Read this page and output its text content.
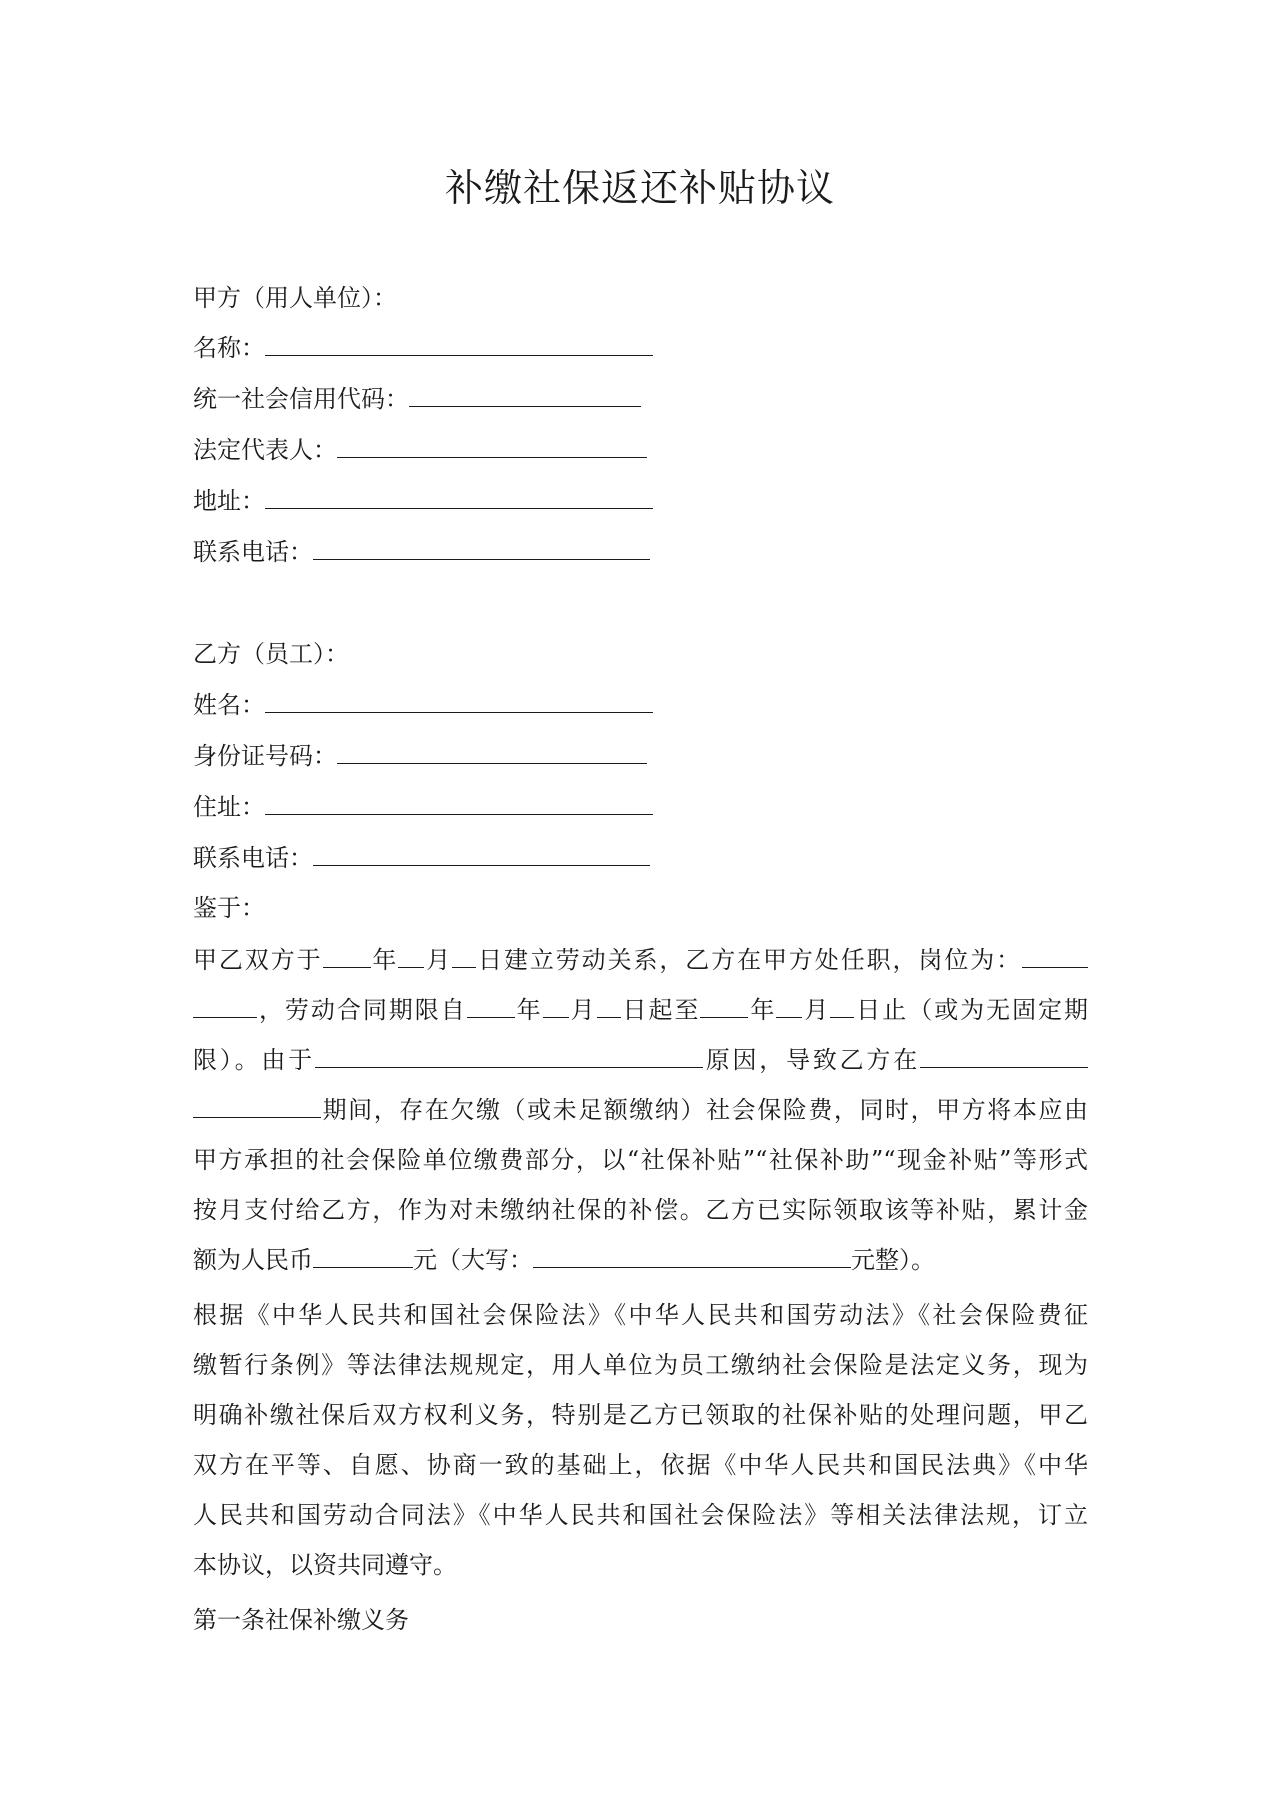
补缴社保返还补贴协议
甲方（用人单位）：
名称：
统一社会信用代码：
法定代表人：
地址：
联系电话：
乙方（员工）：
姓名：
身份证号码：
住址：
联系电话：
鉴于：
甲乙双方于 年 月 日建立劳动关系，乙方在甲方处任职，岗位为：
，劳动合同期限自 年 月 日起至 年 月 日止（或为无固定期
限）。由于	原因，导致乙方在
期间，存在欠缴（或未足额缴纳）社会保险费，同时，甲方将本应由
甲方承担的社会保险单位缴费部分，以“社保补贴”“社保补助”“现金补贴”等形式
按月支付给乙方，作为对未缴纳社保的补偿。乙方已实际领取该等补贴，累计金
额为人民币	元（大写：	元整）。
根据《中华人民共和国社会保险法》《中华人民共和国劳动法》《社会保险费征
缴暂行条例》等法律法规规定，用人单位为员工缴纳社会保险是法定义务，现为
明确补缴社保后双方权利义务，特别是乙方已领取的社保补贴的处理问题，甲乙
双方在平等、自愿、协商一致的基础上，依据《中华人民共和国民法典》《中华
人民共和国劳动合同法》《中华人民共和国社会保险法》等相关法律法规，订立
本协议，以资共同遵守。
第一条社保补缴义务
